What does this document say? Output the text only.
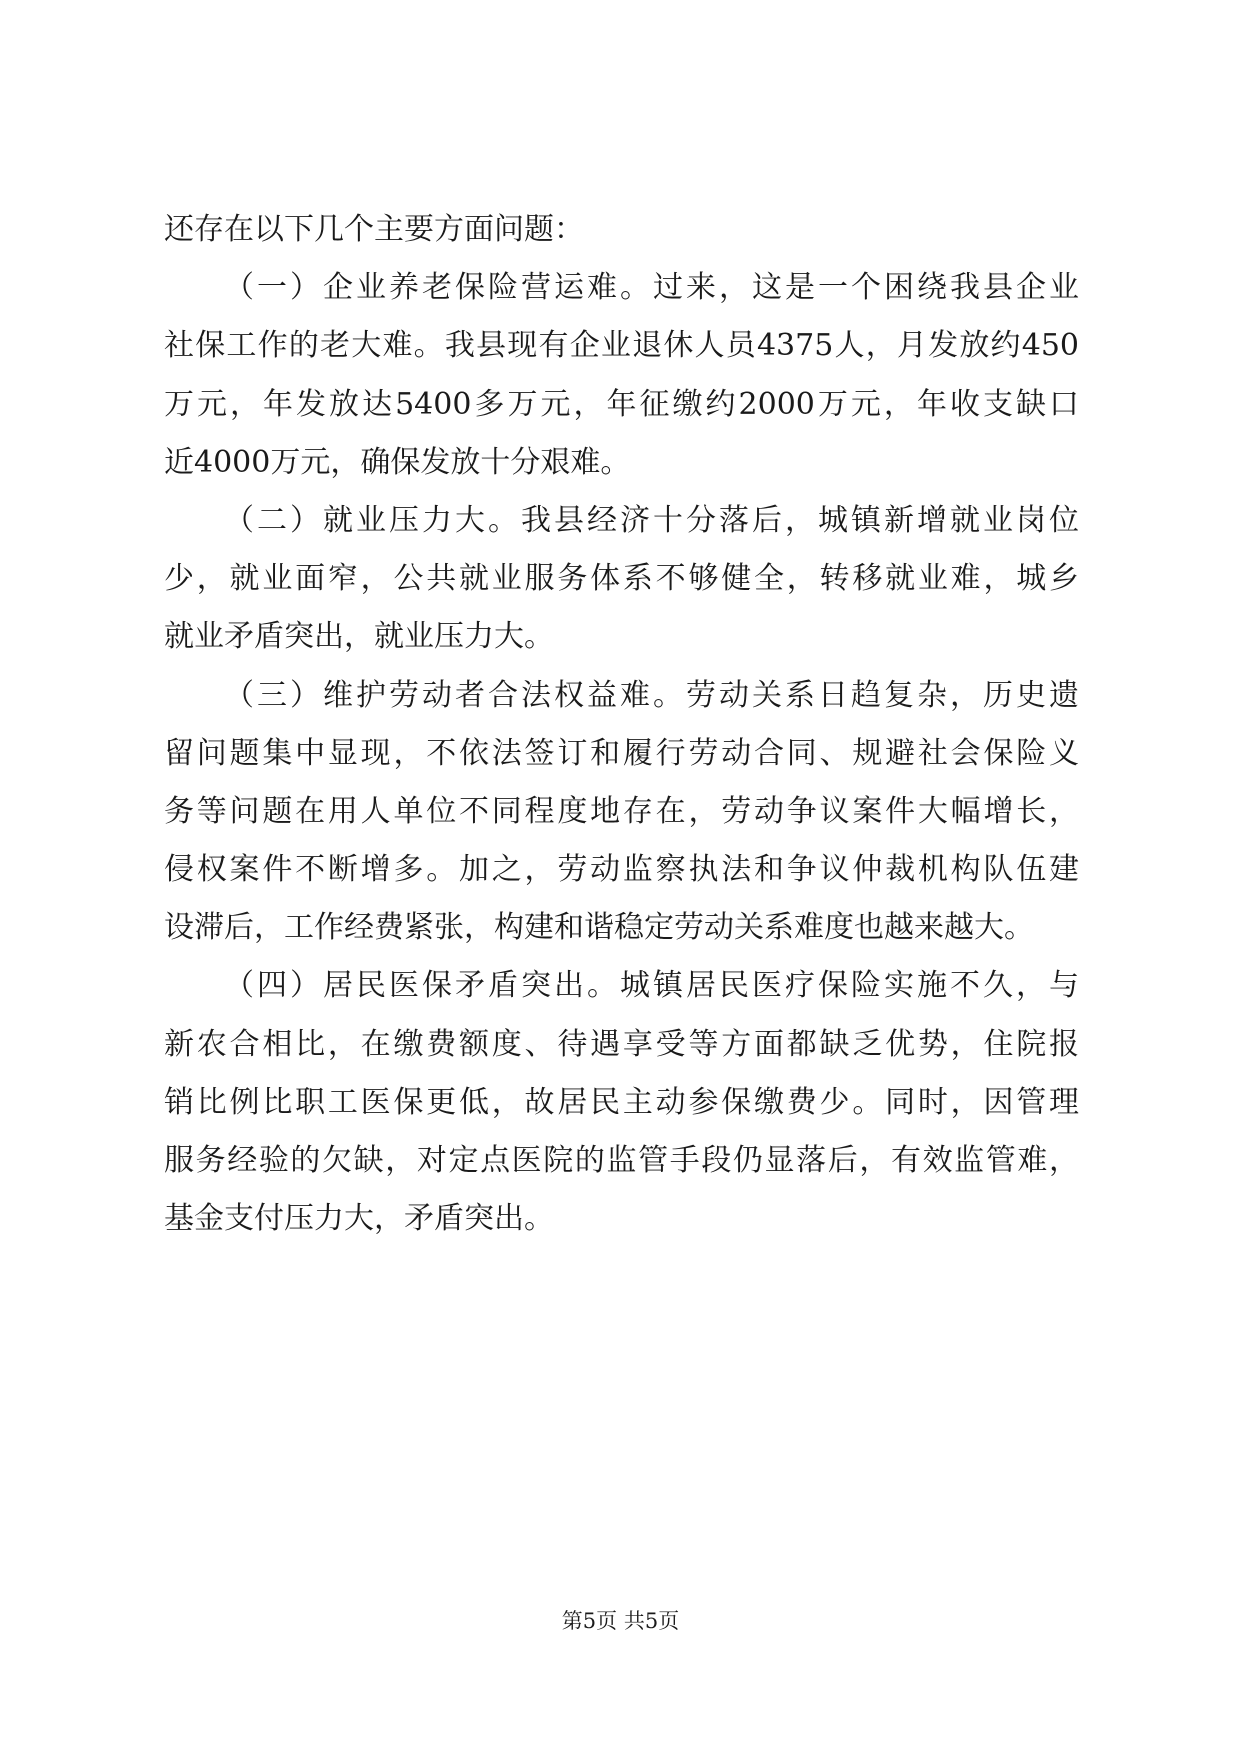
还存在以下几个主要方面问题：
（一）企业养老保险营运难。过来，这是一个困绕我县企业
社保工作的老大难。我县现有企业退休人员4375人，月发放约450
万元，年发放达5400多万元，年征缴约2000万元，年收支缺口
近4000万元，确保发放十分艰难。
（二）就业压力大。我县经济十分落后，城镇新增就业岗位
少，就业面窄，公共就业服务体系不够健全，转移就业难，城乡
就业矛盾突出，就业压力大。
（三）维护劳动者合法权益难。劳动关系日趋复杂，历史遗
留问题集中显现，不依法签订和履行劳动合同、规避社会保险义
务等问题在用人单位不同程度地存在，劳动争议案件大幅增长，
侵权案件不断增多。加之，劳动监察执法和争议仲裁机构队伍建
设滞后，工作经费紧张，构建和谐稳定劳动关系难度也越来越大。
（四）居民医保矛盾突出。城镇居民医疗保险实施不久，与
新农合相比，在缴费额度、待遇享受等方面都缺乏优势，住院报
销比例比职工医保更低，故居民主动参保缴费少。同时，因管理
服务经验的欠缺，对定点医院的监管手段仍显落后，有效监管难，
基金支付压力大，矛盾突出。
第5页 共5页
